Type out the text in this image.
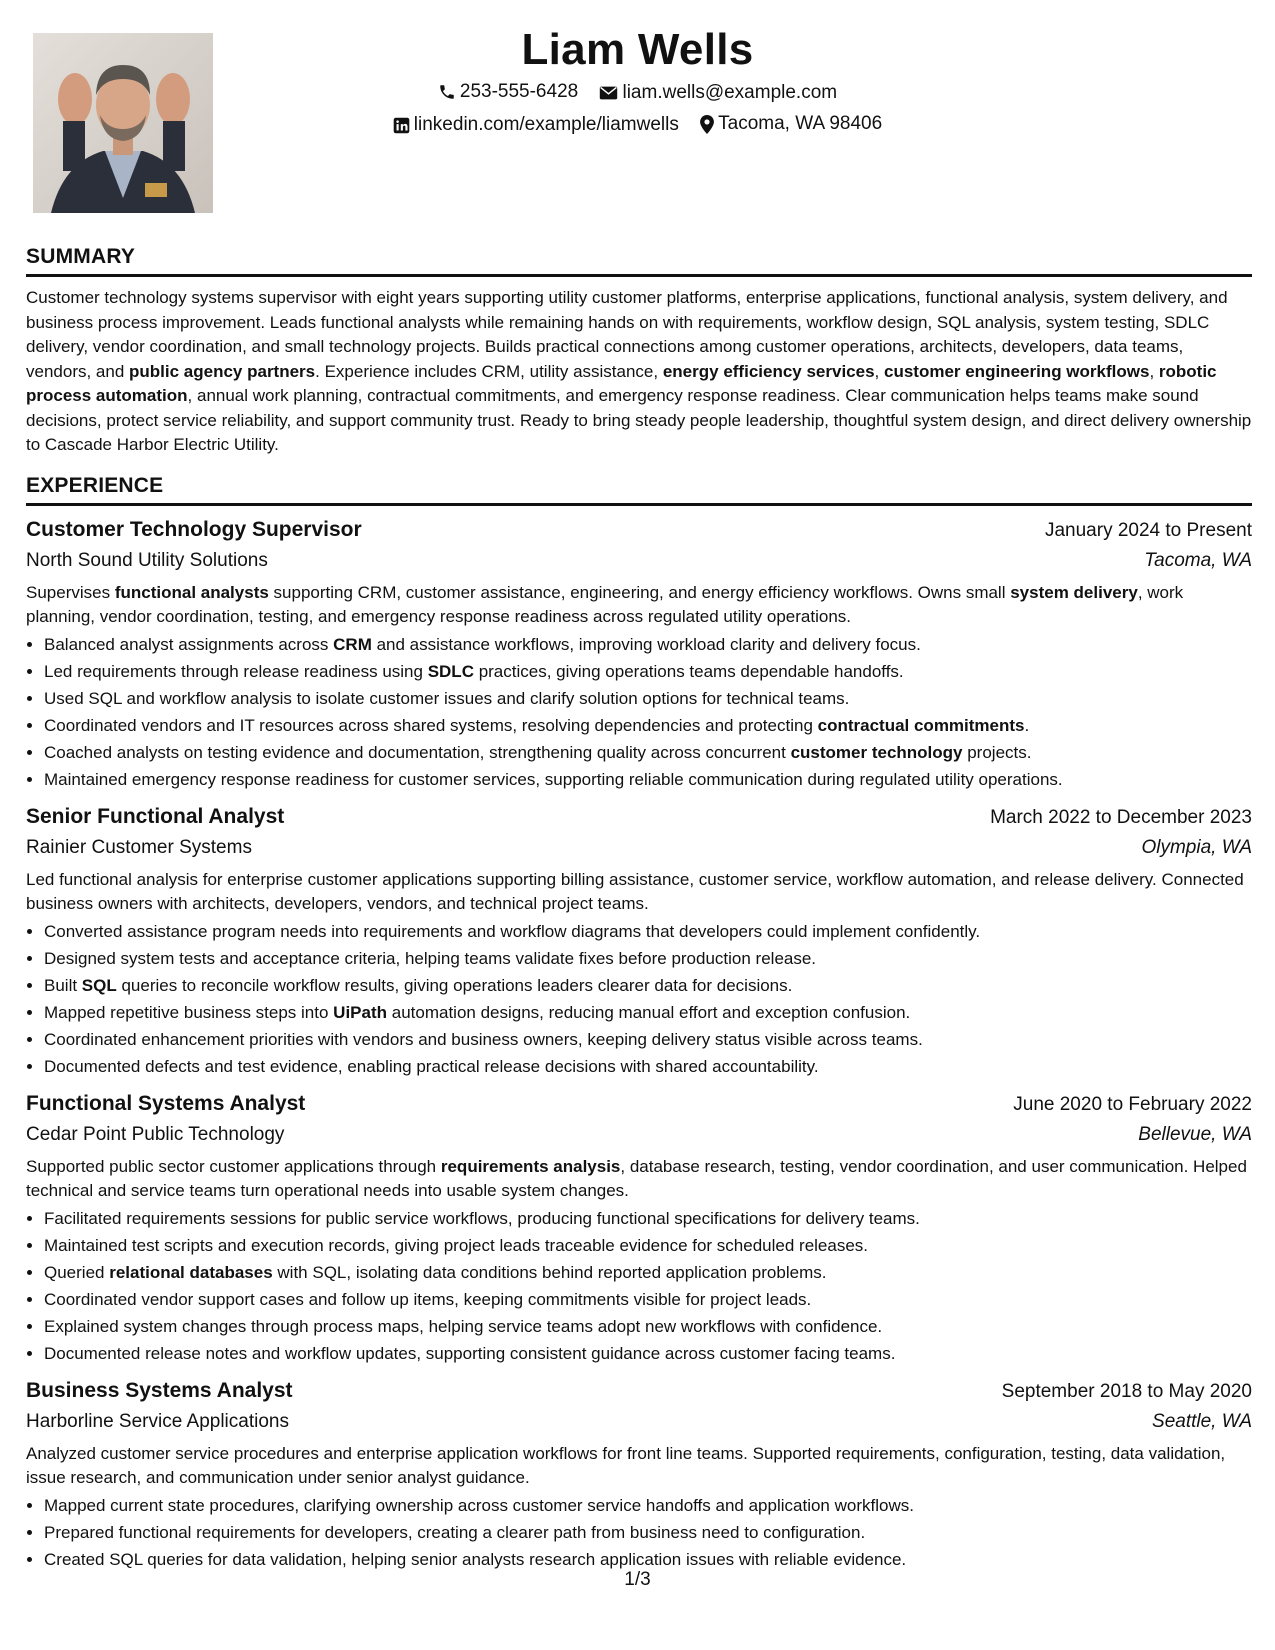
Liam Wells
253-555-6428
liam.wells@example.com
linkedin.com/example/liamwells
Tacoma, WA 98406
SUMMARY

Customer technology systems supervisor with eight years supporting utility customer platforms, enterprise applications, functional analysis, system delivery, and business process improvement. Leads functional analysts while remaining hands on with requirements, workflow design, SQL analysis, system testing, SDLC delivery, vendor coordination, and small technology projects. Builds practical connections among customer operations, architects, developers, data teams, vendors, and public agency partners. Experience includes CRM, utility assistance, energy efficiency services, customer engineering workflows, robotic process automation, annual work planning, contractual commitments, and emergency response readiness. Clear communication helps teams make sound decisions, protect service reliability, and support community trust. Ready to bring steady people leadership, thoughtful system design, and direct delivery ownership to Cascade Harbor Electric Utility.

EXPERIENCE
Customer Technology Supervisor	January 2024 to Present
North Sound Utility Solutions	Tacoma, WA
Supervises functional analysts supporting CRM, customer assistance, engineering, and energy efficiency workflows. Owns small system delivery, work planning, vendor coordination, testing, and emergency response readiness across regulated utility operations.
• Balanced analyst assignments across CRM and assistance workflows, improving workload clarity and delivery focus.
• Led requirements through release readiness using SDLC practices, giving operations teams dependable handoffs.
• Used SQL and workflow analysis to isolate customer issues and clarify solution options for technical teams.
• Coordinated vendors and IT resources across shared systems, resolving dependencies and protecting contractual commitments.
• Coached analysts on testing evidence and documentation, strengthening quality across concurrent customer technology projects.
• Maintained emergency response readiness for customer services, supporting reliable communication during regulated utility operations.
Senior Functional Analyst	March 2022 to December 2023
Rainier Customer Systems	Olympia, WA
Led functional analysis for enterprise customer applications supporting billing assistance, customer service, workflow automation, and release delivery. Connected business owners with architects, developers, vendors, and technical project teams.
• Converted assistance program needs into requirements and workflow diagrams that developers could implement confidently.
• Designed system tests and acceptance criteria, helping teams validate fixes before production release.
• Built SQL queries to reconcile workflow results, giving operations leaders clearer data for decisions.
• Mapped repetitive business steps into UiPath automation designs, reducing manual effort and exception confusion.
• Coordinated enhancement priorities with vendors and business owners, keeping delivery status visible across teams.
• Documented defects and test evidence, enabling practical release decisions with shared accountability.
Functional Systems Analyst	June 2020 to February 2022
Cedar Point Public Technology	Bellevue, WA
Supported public sector customer applications through requirements analysis, database research, testing, vendor coordination, and user communication. Helped technical and service teams turn operational needs into usable system changes.
• Facilitated requirements sessions for public service workflows, producing functional specifications for delivery teams.
• Maintained test scripts and execution records, giving project leads traceable evidence for scheduled releases.
• Queried relational databases with SQL, isolating data conditions behind reported application problems.
• Coordinated vendor support cases and follow up items, keeping commitments visible for project leads.
• Explained system changes through process maps, helping service teams adopt new workflows with confidence.
• Documented release notes and workflow updates, supporting consistent guidance across customer facing teams.
Business Systems Analyst	September 2018 to May 2020
Harborline Service Applications	Seattle, WA
Analyzed customer service procedures and enterprise application workflows for front line teams. Supported requirements, configuration, testing, data validation, issue research, and communication under senior analyst guidance.
• Mapped current state procedures, clarifying ownership across customer service handoffs and application workflows.
• Prepared functional requirements for developers, creating a clearer path from business need to configuration.
• Created SQL queries for data validation, helping senior analysts research application issues with reliable evidence.
1/3
